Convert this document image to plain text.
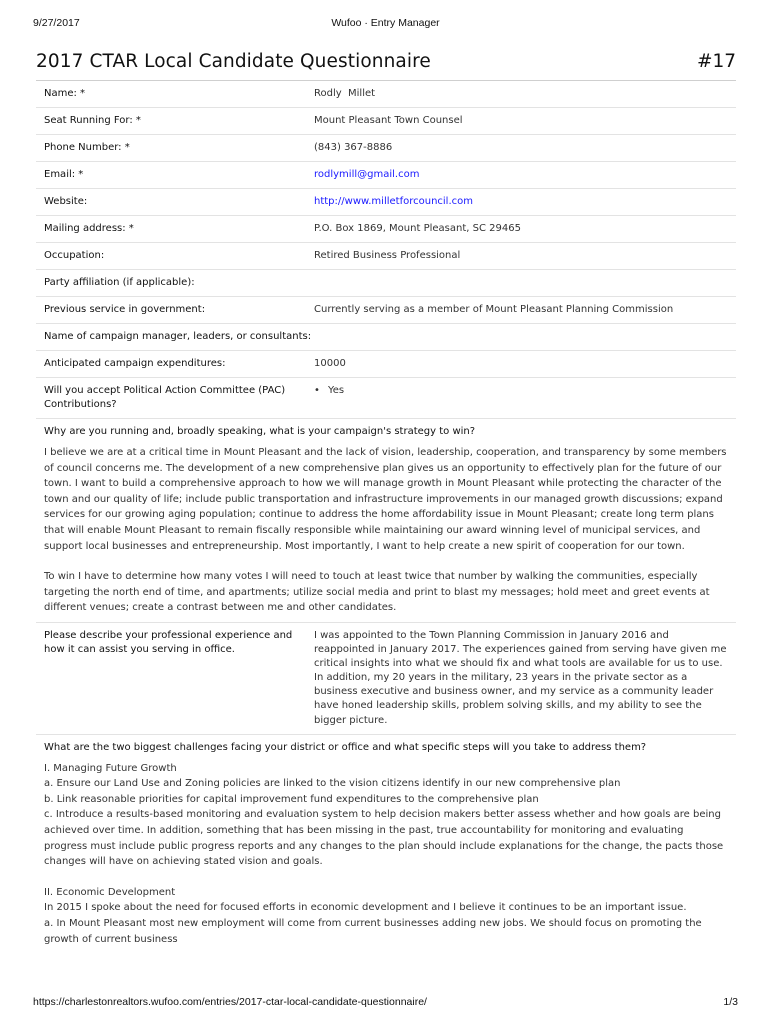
9/27/2017	Wufoo · Entry Manager
2017 CTAR Local Candidate Questionnaire	#17
Name: *	Rodly  Millet
Seat Running For: *	Mount Pleasant Town Counsel
Phone Number: *	(843) 367-8886
Email: *	rodlymill@gmail.com
Website:	http://www.milletforcouncil.com
Mailing address: *	P.O. Box 1869, Mount Pleasant, SC 29465
Occupation:	Retired Business Professional
Party affiliation (if applicable):
Previous service in government:	Currently serving as a member of Mount Pleasant Planning Commission
Name of campaign manager, leaders, or consultants:
Anticipated campaign expenditures:	10000
Will you accept Political Action Committee (PAC) Contributions?
• Yes
Why are you running and, broadly speaking, what is your campaign's strategy to win?

I believe we are at a critical time in Mount Pleasant and the lack of vision, leadership, cooperation, and transparency by some members of council concerns me. The development of a new comprehensive plan gives us an opportunity to effectively plan for the future of our town. I want to build a comprehensive approach to how we will manage growth in Mount Pleasant while protecting the character of the town and our quality of life; include public transportation and infrastructure improvements in our managed growth discussions; expand services for our growing aging population; continue to address the home affordability issue in Mount Pleasant; create long term plans that will enable Mount Pleasant to remain fiscally responsible while maintaining our award winning level of municipal services, and support local businesses and entrepreneurship. Most importantly, I want to help create a new spirit of cooperation for our town.

To win I have to determine how many votes I will need to touch at least twice that number by walking the communities, especially targeting the north end of time, and apartments; utilize social media and print to blast my messages; hold meet and greet events at different venues; create a contrast between me and other candidates.

Please describe your professional experience and how it can assist you serving in office.
I was appointed to the Town Planning Commission in January 2016 and reappointed in January 2017. The experiences gained from serving have given me critical insights into what we should fix and what tools are available for us to use. In addition, my 20 years in the military, 23 years in the private sector as a business executive and business owner, and my service as a community leader have honed leadership skills, problem solving skills, and my ability to see the bigger picture.
What are the two biggest challenges facing your district or office and what specific steps will you take to address them?

I. Managing Future Growth

a. Ensure our Land Use and Zoning policies are linked to the vision citizens identify in our new comprehensive plan

b. Link reasonable priorities for capital improvement fund expenditures to the comprehensive plan

c. Introduce a results-based monitoring and evaluation system to help decision makers better assess whether and how goals are being achieved over time. In addition, something that has been missing in the past, true accountability for monitoring and evaluating progress must include public progress reports and any changes to the plan should include explanations for the change, the pacts those changes will have on achieving stated vision and goals.

II. Economic Development

In 2015 I spoke about the need for focused efforts in economic development and I believe it continues to be an important issue.

a. In Mount Pleasant most new employment will come from current businesses adding new jobs. We should focus on promoting the growth of current business

https://charlestonrealtors.wufoo.com/entries/2017-ctar-local-candidate-questionnaire/	1/3
